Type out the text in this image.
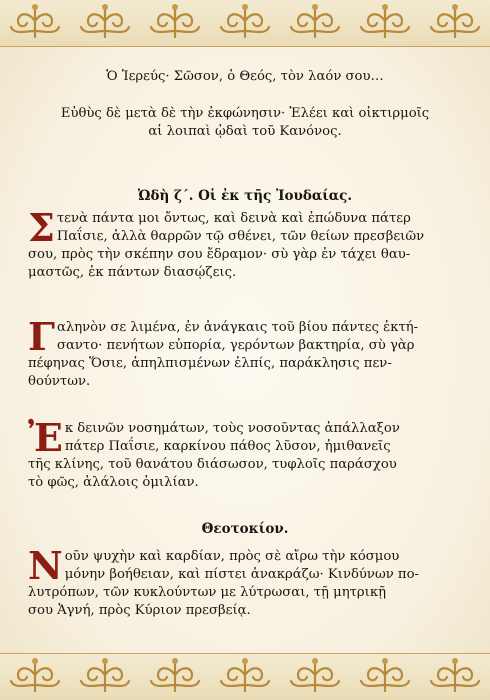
Ὁ Ἱερεύς· Σῶσον, ὁ Θεός, τὸν λαόν σου…
Εὐθὺς δὲ μετὰ δὲ τὴν ἐκφώνησιν· Ἐλέει καὶ οἰκτιρμοῖς
αἱ λοιπαὶ ᾠδαὶ τοῦ Κανόνος.
Ὠδὴ ζ΄. Οἱ ἐκ τῆς Ἰουδαίας.
Σ τενὰ πάντα μοι ὄντως, καὶ δεινὰ καὶ ἐπώδυνα πάτερ
Παΐσιε, ἀλλὰ θαρρῶν τῷ σθένει, τῶν θείων πρεσβειῶν
σου, πρὸς τὴν σκέπην σου ἔδραμον· σὺ γὰρ ἐν τάχει θαυ-
μαστῶς, ἐκ πάντων διασῴζεις.
Γ αληνὸν σε λιμένα, ἐν ἀνάγκαις τοῦ βίου πάντες ἐκτή-
σαντο· πενήτων εὐπορία, γερόντων βακτηρία, σὺ γὰρ
πέφηνας Ὅσιε, ἀπηλπισμένων ἐλπίς, παράκλησις πεν-
θούντων.
Ἐ κ δεινῶν νοσημάτων, τοὺς νοσοῦντας ἀπάλλαξον
πάτερ Παΐσιε, καρκίνου πάθος λῦσον, ἠμιθανεῖς
τῆς κλίνης, τοῦ θανάτου διάσωσον, τυφλοῖς παράσχου
τὸ φῶς, ἀλάλοις ὁμιλίαν.
Θεοτοκίον.
Ν οῦν ψυχὴν καὶ καρδίαν, πρὸς σὲ αἴρω τὴν κόσμου
μόνην βοήθειαν, καὶ πίστει ἀνακράζω· Κινδύνων πο-
λυτρόπων, τῶν κυκλούντων με λύτρωσαι, τῇ μητρικῇ
σου Ἁγνή, πρὸς Κύριον πρεσβείᾳ.
